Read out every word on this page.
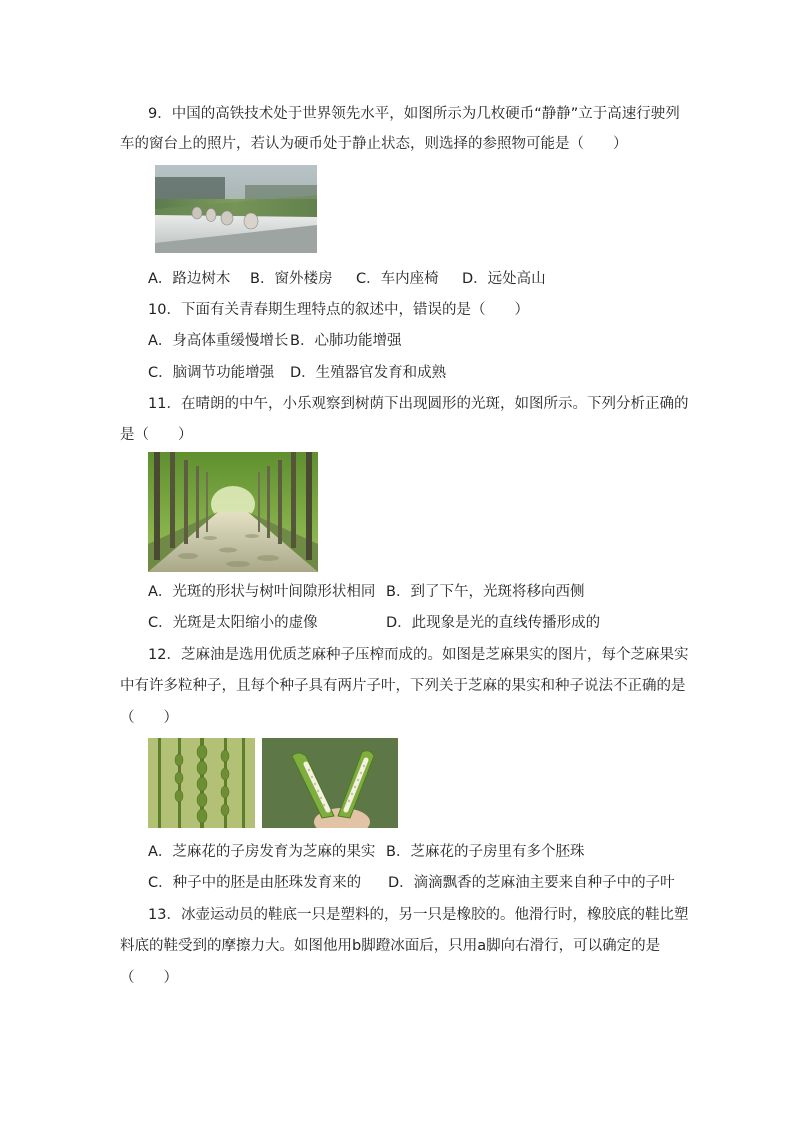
9．中国的高铁技术处于世界领先水平，如图所示为几枚硬币“静静”立于高速行驶列
车的窗台上的照片，若认为硬币处于静止状态，则选择的参照物可能是（　　）
A．路边树木 B．窗外楼房 C．车内座椅 D．远处高山
10．下面有关青春期生理特点的叙述中，错误的是（　　）
A．身高体重缓慢增长 B．心肺功能增强
C．脑调节功能增强 D．生殖器官发育和成熟
11．在晴朗的中午，小乐观察到树荫下出现圆形的光斑，如图所示。下列分析正确的
是（　　）
A．光斑的形状与树叶间隙形状相同 B．到了下午，光斑将移向西侧
C．光斑是太阳缩小的虚像	D．此现象是光的直线传播形成的
12．芝麻油是选用优质芝麻种子压榨而成的。如图是芝麻果实的图片，每个芝麻果实
中有许多粒种子，且每个种子具有两片子叶，下列关于芝麻的果实和种子说法不正确的是
（　　）
A．芝麻花的子房发育为芝麻的果实 B．芝麻花的子房里有多个胚珠
C．种子中的胚是由胚珠发育来的 D．滴滴飘香的芝麻油主要来自种子中的子叶
13．冰壶运动员的鞋底一只是塑料的，另一只是橡胶的。他滑行时，橡胶底的鞋比塑
料底的鞋受到的摩擦力大。如图他用b脚蹬冰面后，只用a脚向右滑行，可以确定的是
（　　）
